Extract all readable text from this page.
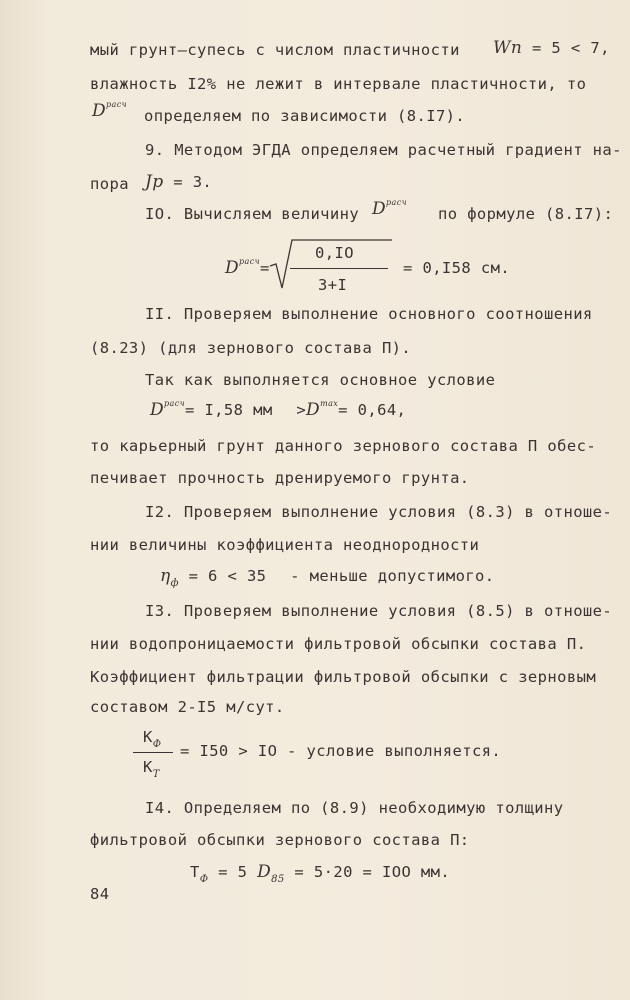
мый грунт–супесь с числом пластичности Wп = 5 < 7,
влажность I2% не лежит в интервале пластичности, то
$D^{расч}$
определяем по зависимости (8.I7).
9. Методом ЭГДА определяем расчетный градиент на-
пора Jр = 3.
IO. Вычисляем величину $D^{расч}$
по формуле (8.I7):
$D^{расч}=$
0,IO
3+I
= 0,I58 см.
II. Проверяем выполнение основного соотношения
(8.23) (для зернового состава П).
Так как выполняется основное условие
$D^{расч}= I,58$ мм $>D^{max}= 0,64$,
то карьерный грунт данного зернового состава П обес-
печивает прочность дренируемого грунта.
I2. Проверяем выполнение условия (8.3) в отноше-
нии величины коэффициента неоднородности
$\eta_ф = 6 < 35$ - меньше допустимого.
I3. Проверяем выполнение условия (8.5) в отноше-
нии водопроницаемости фильтровой обсыпки состава П.
Коэффициент фильтрации фильтровой обсыпки с зерновым
составом 2-I5 м/сут.
$К_Ф$
$К_Т$
= I50 > IO - условие выполняется.
I4. Определяем по (8.9) необходимую толщину
фильтровой обсыпки зернового состава П:
$Т_Ф = 5$ $D_{85} = 5\cdot 20$ = IOO мм.
84
